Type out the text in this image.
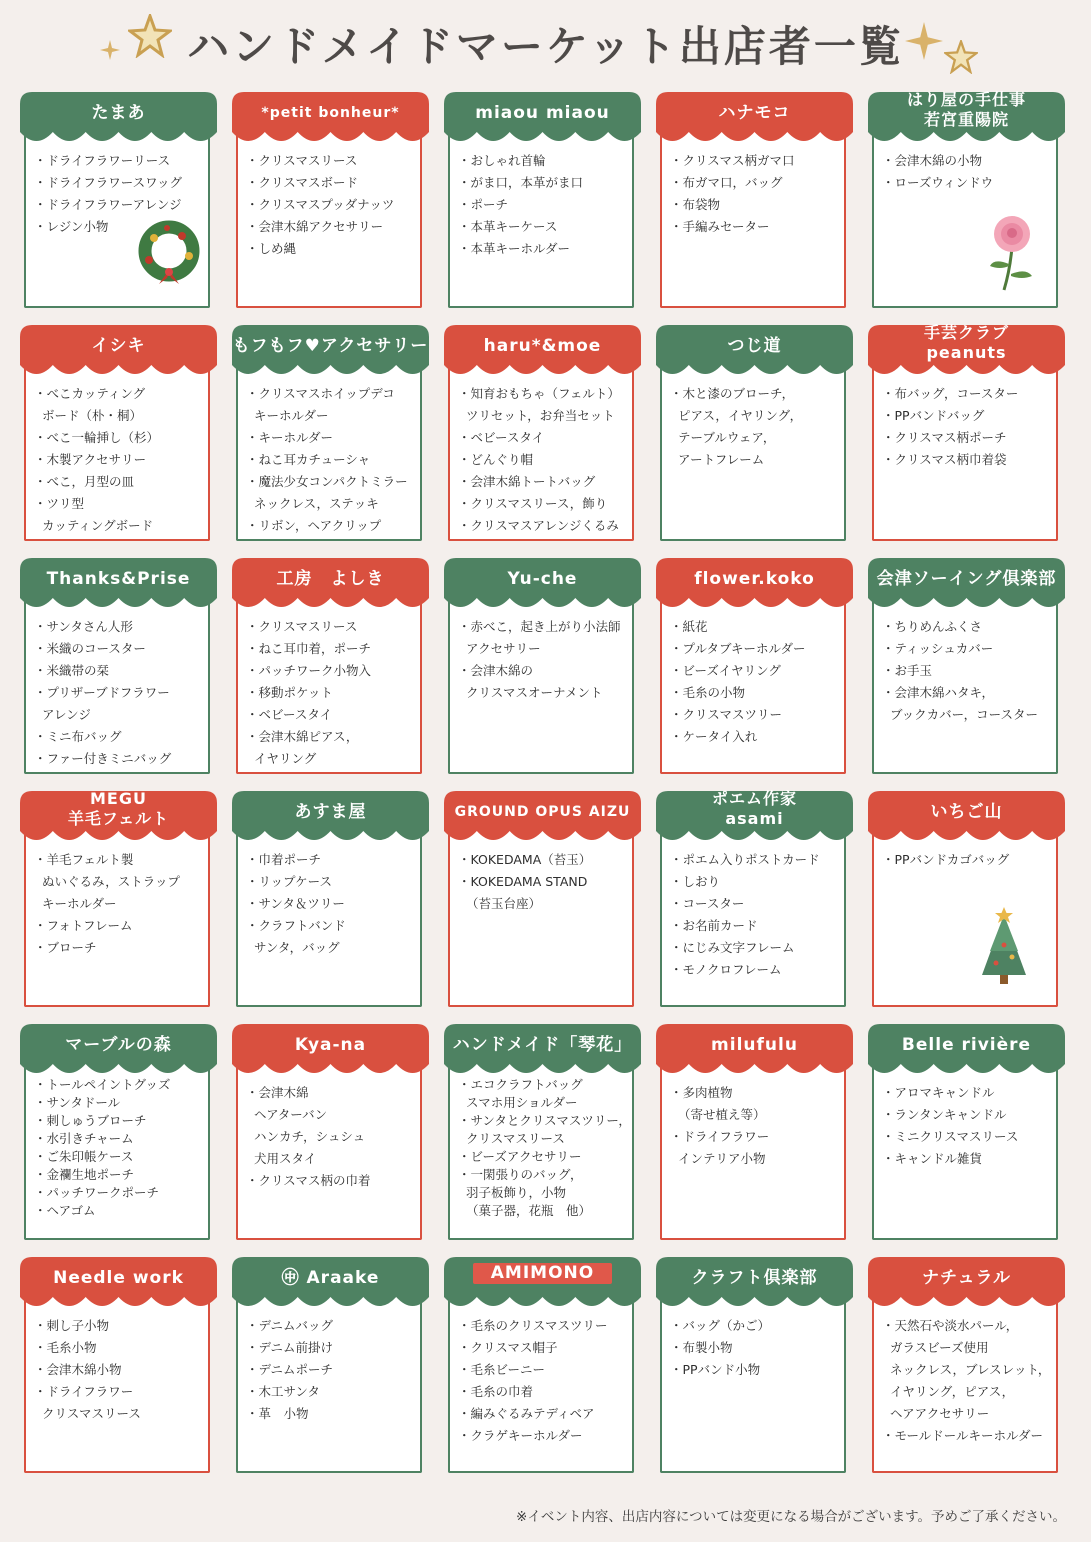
ハンドメイドマーケット出店者一覧
・ドライフラワーリース
・ドライフラワースワッグ
・ドライフラワーアレンジ
・レジン小物
たまあ
・クリスマスリース
・クリスマスボード
・クリスマスプッダナッツ
・会津木綿アクセサリー
・しめ縄
*petit bonheur*
・おしゃれ首輪
・がま口，本革がま口
・ポーチ
・本革キーケース
・本革キーホルダー
miaou miaou
・クリスマス柄ガマ口
・布ガマ口，バッグ
・布袋物
・手編みセーター
ハナモコ
・会津木綿の小物
・ローズウィンドウ
はり屋の手仕事
若宮重陽院
・べこカッティング
ボード（朴・桐）
・べこ一輪挿し（杉）
・木製アクセサリー
・べこ，月型の皿
・ツリ型
カッティングボード
イシキ
・クリスマスホイップデコ
キーホルダー
・キーホルダー
・ねこ耳カチューシャ
・魔法少女コンパクトミラー
ネックレス，ステッキ
・リボン，ヘアクリップ
もフもフ♥アクセサリー
・知育おもちゃ（フェルト）
ツリセット，お弁当セット
・ベビースタイ
・どんぐり帽
・会津木綿トートバッグ
・クリスマスリース，飾り
・クリスマスアレンジくるみ
haru*&moe
・木と漆のブローチ，
ピアス，イヤリング，
テーブルウェア，
アートフレーム
つじ道
・布バッグ，コースター
・PPバンドバッグ
・クリスマス柄ポーチ
・クリスマス柄巾着袋
手芸クラブ
peanuts
・サンタさん人形
・米織のコースター
・米織帯の栞
・プリザーブドフラワー
アレンジ
・ミニ布バッグ
・ファー付きミニバッグ
Thanks&Prise
・クリスマスリース
・ねこ耳巾着，ポーチ
・パッチワーク小物入
・移動ポケット
・ベビースタイ
・会津木綿ピアス，
イヤリング
工房　よしき
・赤べこ，起き上がり小法師
アクセサリー
・会津木綿の
クリスマスオーナメント
Yu-che
・紙花
・プルタブキーホルダー
・ビーズイヤリング
・毛糸の小物
・クリスマスツリー
・ケータイ入れ
flower.koko
・ちりめんふくさ
・ティッシュカバー
・お手玉
・会津木綿ハタキ，
ブックカバー，コースター
会津ソーイング倶楽部
・羊毛フェルト製
ぬいぐるみ，ストラップ
キーホルダー
・フォトフレーム
・ブローチ
MEGU
羊毛フェルト
・巾着ポーチ
・リップケース
・サンタ＆ツリー
・クラフトバンド
サンタ，バッグ
あすま屋
・KOKEDAMA（苔玉）
・KOKEDAMA STAND
（苔玉台座）
GROUND OPUS AIZU
・ポエム入りポストカード
・しおり
・コースター
・お名前カード
・にじみ文字フレーム
・モノクロフレーム
ポエム作家
asami
・PPバンドカゴバッグ
いちご山
・トールペイントグッズ
・サンタドール
・刺しゅうブローチ
・水引きチャーム
・ご朱印帳ケース
・金襴生地ポーチ
・パッチワークポーチ
・ヘアゴム
マーブルの森
・会津木綿
ヘアターバン
ハンカチ，シュシュ
犬用スタイ
・クリスマス柄の巾着
Kya-na
・エコクラフトバッグ
スマホ用ショルダー
・サンタとクリスマスツリー，
クリスマスリース
・ビーズアクセサリー
・一閑張りのバッグ，
羽子板飾り，小物
（菓子器，花瓶　他）
ハンドメイド「琴花」
・多肉植物
（寄せ植え等）
・ドライフラワー
インテリア小物
milufulu
・アロマキャンドル
・ランタンキャンドル
・ミニクリスマスリース
・キャンドル雑貨
Belle rivière
・刺し子小物
・毛糸小物
・会津木綿小物
・ドライフラワー
クリスマスリース
Needle work
・デニムバッグ
・デニム前掛け
・デニムポーチ
・木工サンタ
・革　小物
㊥ Araake
・毛糸のクリスマスツリー
・クリスマス帽子
・毛糸ビーニー
・毛糸の巾着
・編みぐるみテディベア
・クラゲキーホルダー
AMIMONO
・バッグ（かご）
・布製小物
・PPバンド小物
クラフト倶楽部
・天然石や淡水パール，
ガラスビーズ使用
ネックレス，ブレスレット，
イヤリング，ピアス，
ヘアアクセサリー
・モールドールキーホルダー
ナチュラル
※イベント内容、出店内容については変更になる場合がございます。予めご了承ください。
